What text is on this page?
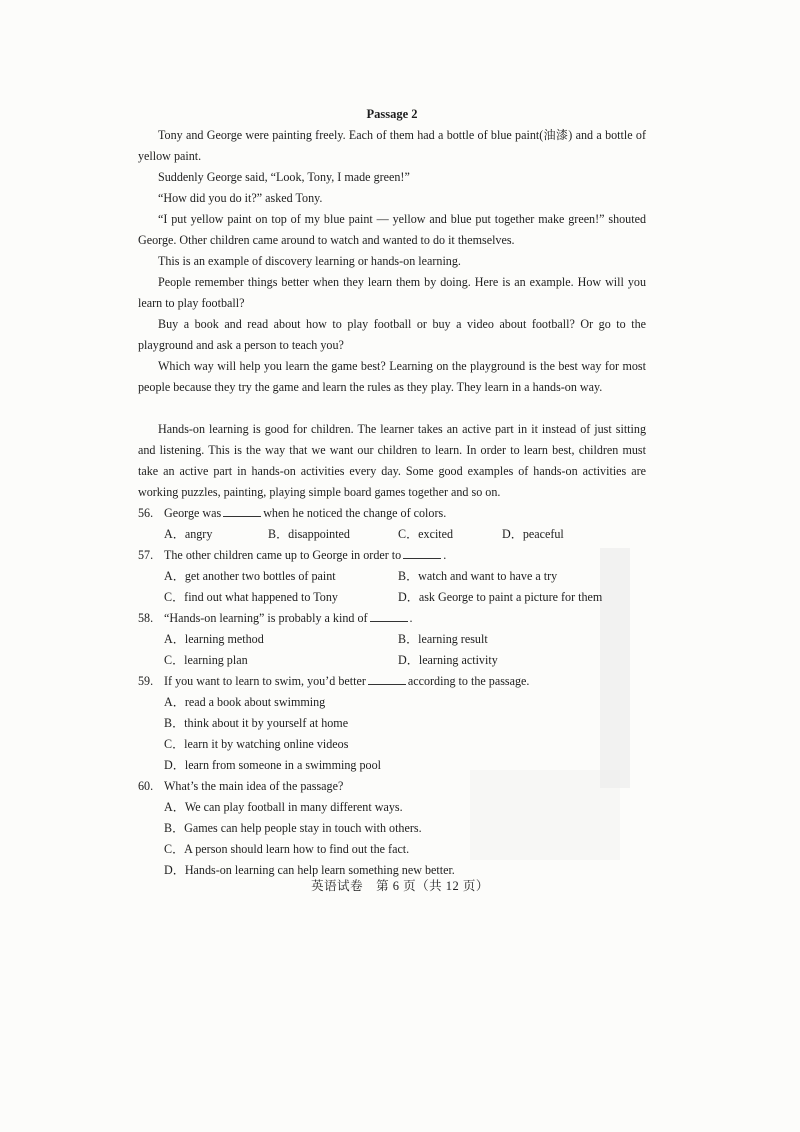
Passage 2

Tony and George were painting freely. Each of them had a bottle of blue paint(油漆) and a bottle of yellow paint.

Suddenly George said, “Look, Tony, I made green!”

“How did you do it?” asked Tony.

“I put yellow paint on top of my blue paint — yellow and blue put together make green!” shouted George. Other children came around to watch and wanted to do it themselves.

This is an example of discovery learning or hands-on learning.

People remember things better when they learn them by doing. Here is an example. How will you learn to play football?

Buy a book and read about how to play football or buy a video about football? Or go to the playground and ask a person to teach you?

Which way will help you learn the game best? Learning on the playground is the best way for most people because they try the game and learn the rules as they play. They learn in a hands-on way.

Hands-on learning is good for children. The learner takes an active part in it instead of just sitting and listening. This is the way that we want our children to learn. In order to learn best, children must take an active part in hands-on activities every day. Some good examples of hands-on activities are working puzzles, painting, playing simple board games together and so on.

56. George was	when he noticed the change of colors.
A．angry	B．disappointed	C．excited	D．peaceful
57. The other children came up to George in order to	.
A．get another two bottles of paint	B．watch and want to have a try
C．find out what happened to Tony	D．ask George to paint a picture for them
58. “Hands-on learning” is probably a kind of	.
A．learning method	B．learning result
C．learning plan	D．learning activity
59. If you want to learn to swim, you’d better	according to the passage.
A．read a book about swimming
B．think about it by yourself at home
C．learn it by watching online videos
D．learn from someone in a swimming pool
60. What’s the main idea of the passage?
A．We can play football in many different ways.
B．Games can help people stay in touch with others.
C．A person should learn how to find out the fact.
D．Hands-on learning can help learn something new better.
英语试卷　第 6 页（共 12 页）
